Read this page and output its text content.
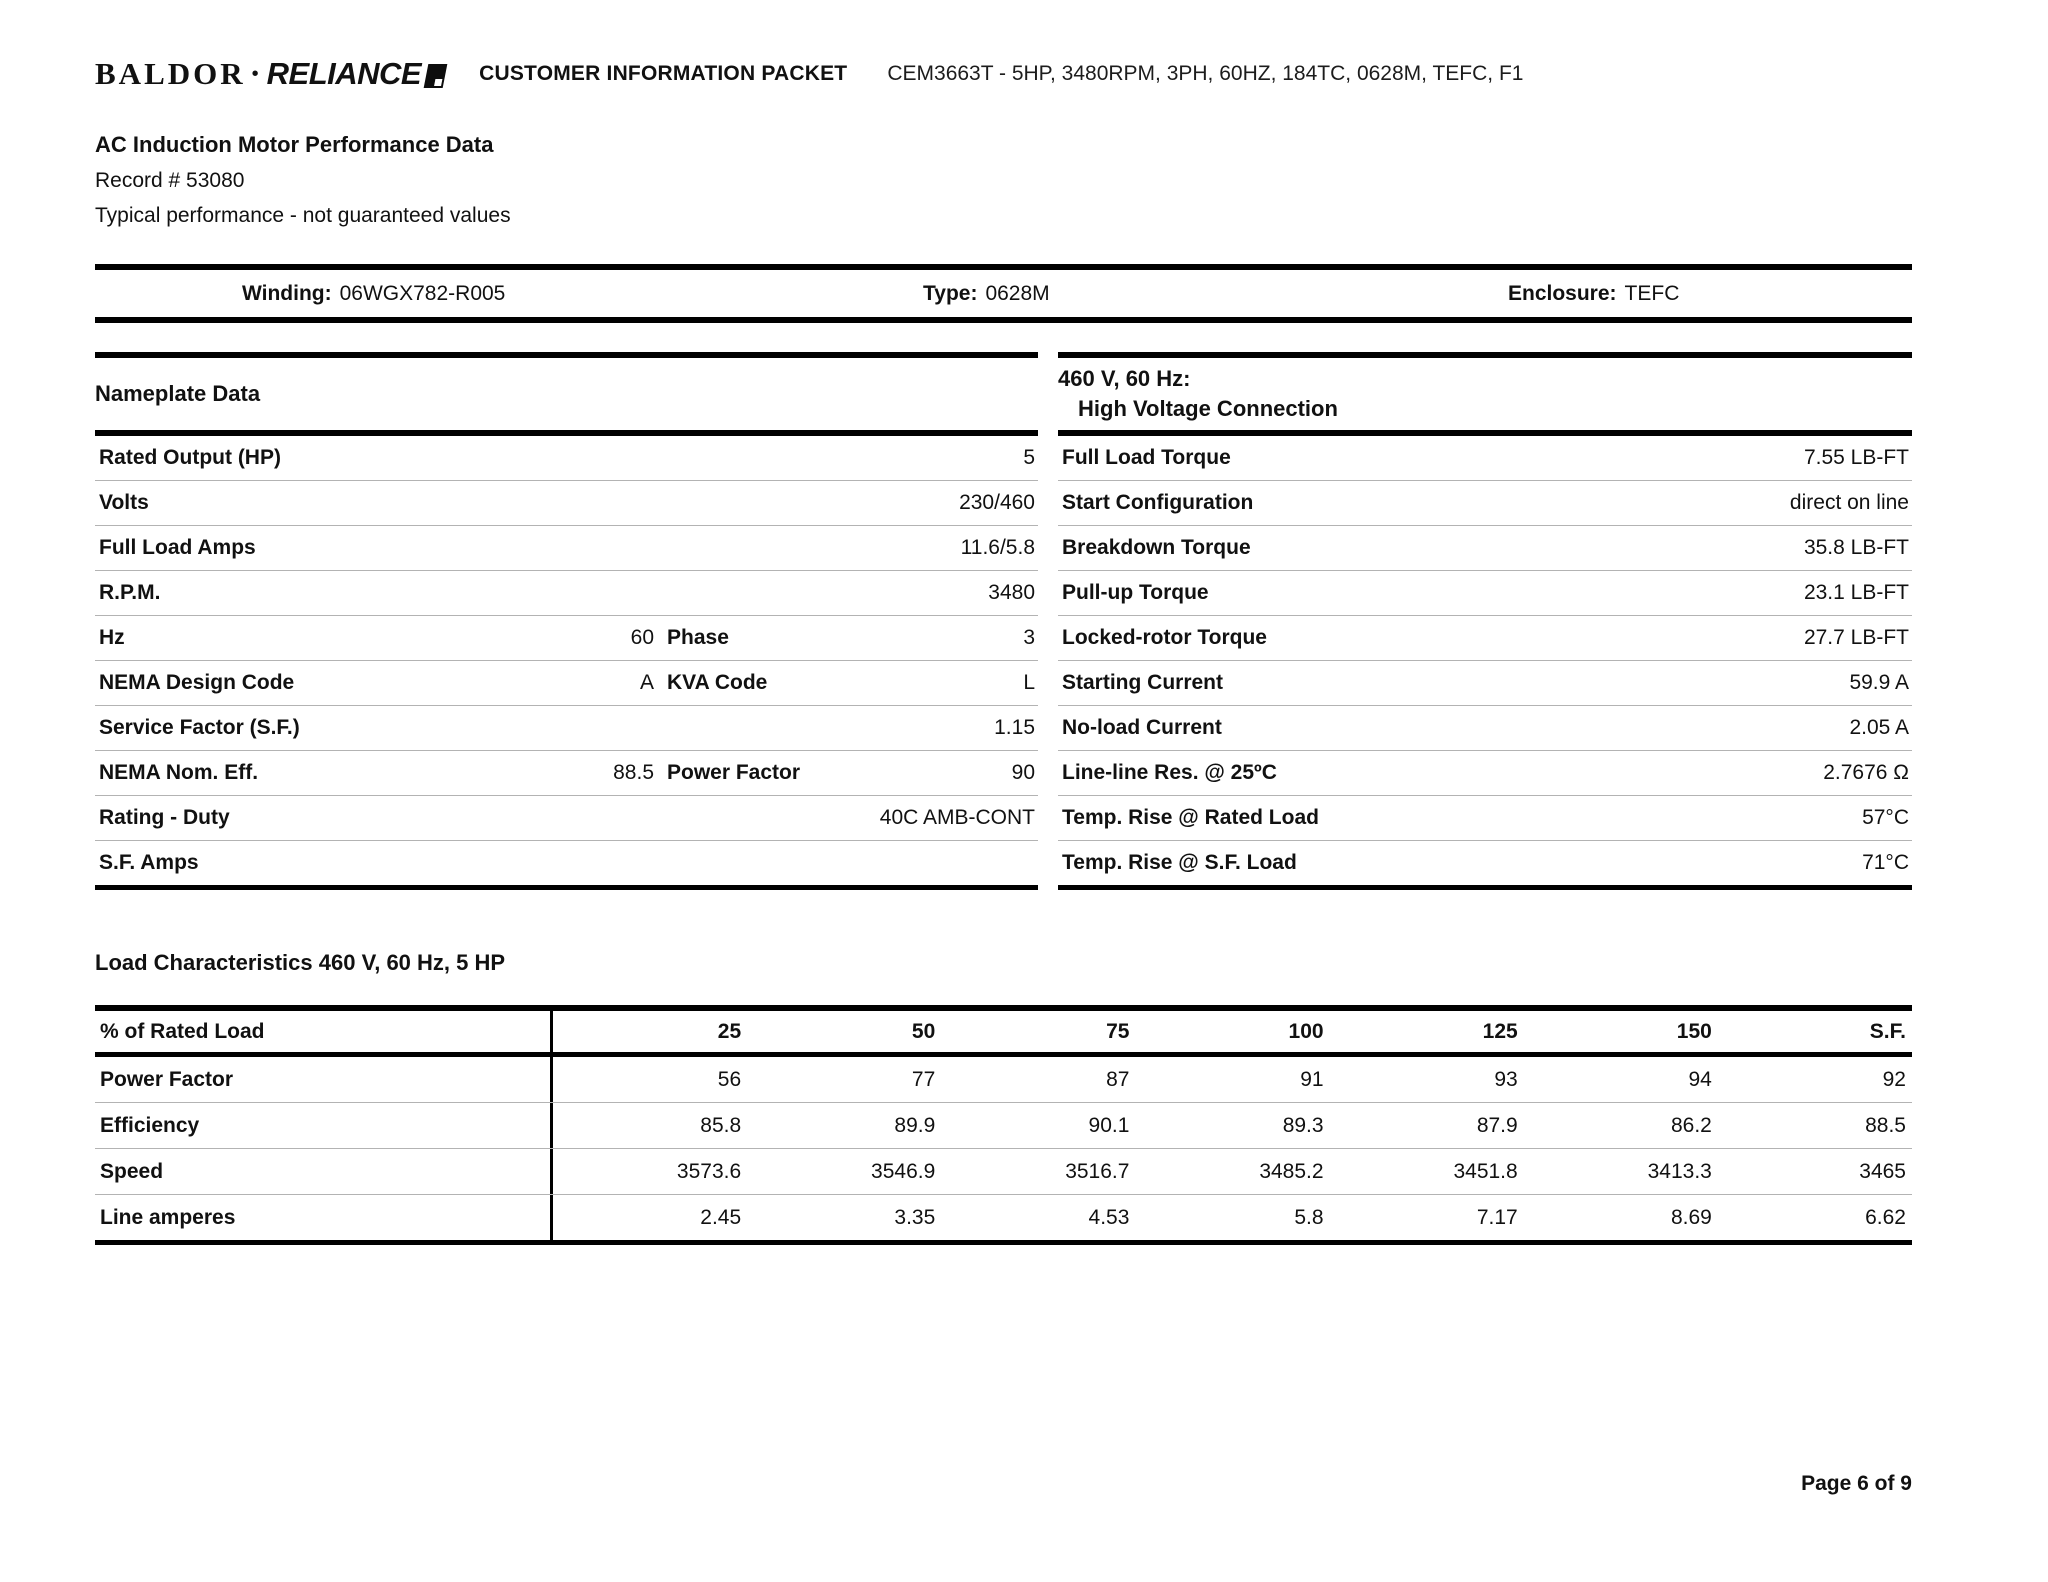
BALDOR • RELIANCE	CUSTOMER INFORMATION PACKET CEM3663T - 5HP, 3480RPM, 3PH, 60HZ, 184TC, 0628M, TEFC, F1
AC Induction Motor Performance Data
Record # 53080
Typical performance - not guaranteed values
Winding: 06WGX782-R005	Type: 0628M	Enclosure: TEFC
Nameplate Data
Rated Output (HP)	5
Volts	230/460
Full Load Amps	11.6/5.8
R.P.M.	3480
Hz	60 Phase	3
NEMA Design Code	A KVA Code	L
Service Factor (S.F.)	1.15
NEMA Nom. Eff.	88.5 Power Factor	90
Rating - Duty	40C AMB-CONT
S.F. Amps
460 V, 60 Hz:
High Voltage Connection
Full Load Torque	7.55 LB-FT
Start Configuration	direct on line
Breakdown Torque	35.8 LB-FT
Pull-up Torque	23.1 LB-FT
Locked-rotor Torque	27.7 LB-FT
Starting Current	59.9 A
No-load Current	2.05 A
Line-line Res. @ 25ºC	2.7676 Ω
Temp. Rise @ Rated Load	57°C
Temp. Rise @ S.F. Load	71°C
Load Characteristics 460 V, 60 Hz, 5 HP
% of Rated Load	25	50	75	100	125	150	S.F.
Power Factor	56	77	87	91	93	94	92
Efficiency	85.8	89.9	90.1	89.3	87.9	86.2	88.5
Speed	3573.6	3546.9	3516.7	3485.2	3451.8	3413.3	3465
Line amperes	2.45	3.35	4.53	5.8	7.17	8.69	6.62
Page 6 of 9
